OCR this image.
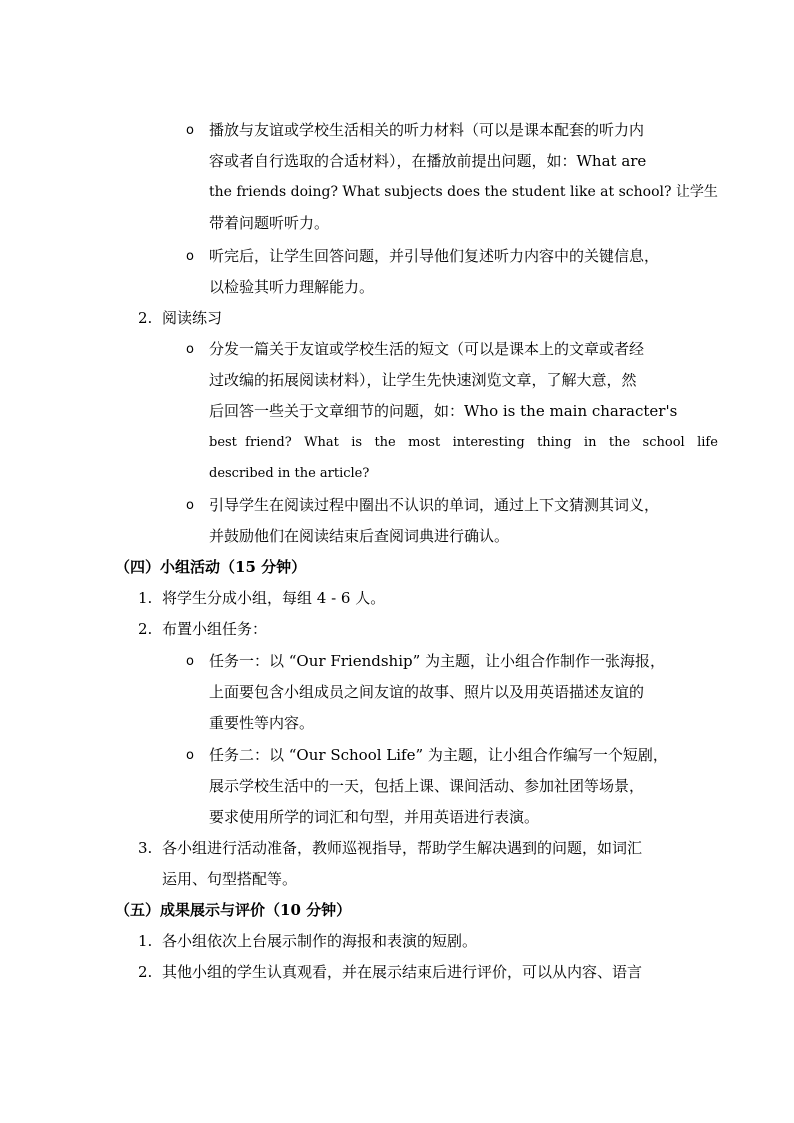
o 播放与友谊或学校生活相关的听力材料（可以是课本配套的听力内
容或者自行选取的合适材料），在播放前提出问题，如：What are
the friends doing? What subjects does the student like at school? 让学生
带着问题听听力。
o 听完后，让学生回答问题，并引导他们复述听力内容中的关键信息，
以检验其听力理解能力。
2. 阅读练习
o 分发一篇关于友谊或学校生活的短文（可以是课本上的文章或者经
过改编的拓展阅读材料），让学生先快速浏览文章，了解大意，然
后回答一些关于文章细节的问题，如：Who is the main character's
best  friend?   What   is   the   most   interesting   thing   in   the   school   life
described in the article?
o 引导学生在阅读过程中圈出不认识的单词，通过上下文猜测其词义，
并鼓励他们在阅读结束后查阅词典进行确认。
（四）小组活动（15 分钟）
1. 将学生分成小组，每组 4 - 6 人。
2. 布置小组任务：
o 任务一：以 “Our Friendship” 为主题，让小组合作制作一张海报，
上面要包含小组成员之间友谊的故事、照片以及用英语描述友谊的
重要性等内容。
o 任务二：以 “Our School Life” 为主题，让小组合作编写一个短剧，
展示学校生活中的一天，包括上课、课间活动、参加社团等场景，
要求使用所学的词汇和句型，并用英语进行表演。
3. 各小组进行活动准备，教师巡视指导，帮助学生解决遇到的问题，如词汇
运用、句型搭配等。
（五）成果展示与评价（10 分钟）
1. 各小组依次上台展示制作的海报和表演的短剧。
2. 其他小组的学生认真观看，并在展示结束后进行评价，可以从内容、语言
